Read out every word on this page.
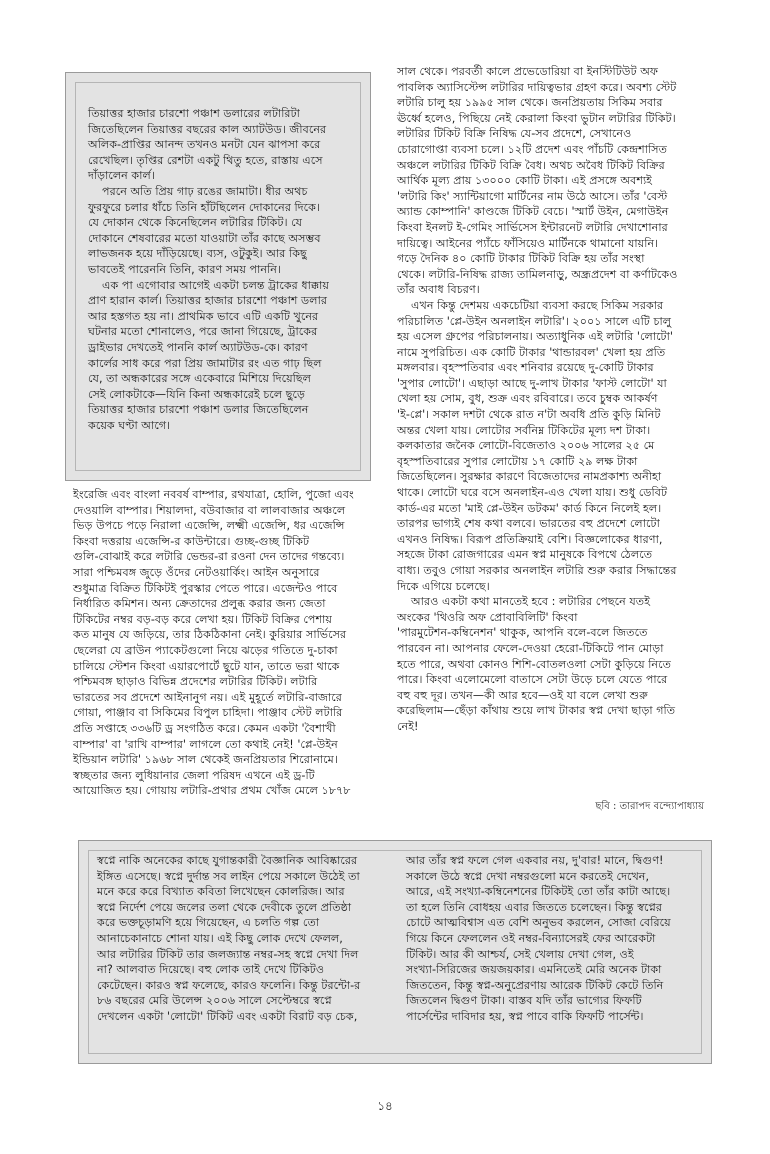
তিয়াত্তর হাজার চারশো পঞ্চাশ ডলারের লটারিটা
জিতেছিলেন তিয়াত্তর বছরের কাল অ্যাটউড। জীবনের
অলিক-প্রাপ্তির আনন্দ তখনও মনটা যেন ঝাপসা করে
রেখেছিল। তৃপ্তির রেশটা একটু থিতু হতে, রাস্তায় এসে
দাঁড়ালেন কার্ল।

পরনে অতি প্রিয় গাঢ় রঙের জামাটা। ধীর অথচ
ফুরফুরে চলার ধাঁচে তিনি হাঁটছিলেন দোকানের দিকে।
যে দোকান থেকে কিনেছিলেন লটারির টিকিট। যে
দোকানে শেষবারের মতো যাওয়াটা তাঁর কাছে অসম্ভব
লাভজনক হয়ে দাঁড়িয়েছে। ব্যস, ওটুকুই। আর কিছু
ভাবতেই পারেননি তিনি, কারণ সময় পাননি।

এক পা এগোবার আগেই একটা চলন্ত ট্রাকের ধাক্কায়
প্রাণ হারান কার্ল। তিয়াত্তর হাজার চারশো পঞ্চাশ ডলার
আর হস্তগত হয় না। প্রাথমিক ভাবে এটি একটি খুনের
ঘটনার মতো শোনালেও, পরে জানা গিয়েছে, ট্রাকের
ড্রাইভার দেখতেই পাননি কার্ল অ্যাটউড-কে। কারণ
কার্লের সাধ করে পরা প্রিয় জামাটার রং এত গাঢ় ছিল
যে, তা অন্ধকারের সঙ্গে একেবারে মিশিয়ে দিয়েছিল
সেই লোকটাকে—যিনি কিনা অন্ধকারেই চলে ছুড়ে
তিয়াত্তর হাজার চারশো পঞ্চাশ ডলার জিতেছিলেন
কয়েক ঘণ্টা আগে।

ইংরেজি এবং বাংলা নববর্ষ বাম্পার, রথযাত্রা, হোলি, পুজো এবং
দেওয়ালি বাম্পার। শিয়ালদা, বউবাজার বা লালবাজার অঞ্চলে
ভিড় উপচে পড়ে নিরালা এজেন্সি, লক্ষ্মী এজেন্সি, ধর এজেন্সি
কিংবা দত্তরায় এজেন্সি-র কাউন্টারে। গুচ্ছ-গুচ্ছ টিকিট
গুলি-বোঝাই করে লটারি ভেন্ডর-রা রওনা দেন তাদের গন্তব্যে।
সারা পশ্চিমবঙ্গ জুড়ে ওঁদের নেটওয়ার্কিং। আইন অনুসারে
শুধুমাত্র বিক্রিত টিকিটই পুরস্কার পেতে পারে। এজেন্টও পাবে
নির্ধারিত কমিশন। অন্য ক্রেতাদের প্রলুব্ধ করার জন্য জেতা
টিকিটের নম্বর বড়-বড় করে লেখা হয়। টিকিট বিক্রির পেশায়
কত মানুষ যে জড়িয়ে, তার ঠিকঠিকানা নেই। কুরিয়ার সার্ভিসের
ছেলেরা যে ব্রাউন প্যাকেটগুলো নিয়ে ঝড়ের গতিতে দু-চাকা
চালিয়ে স্টেশন কিংবা এয়ারপোর্টে ছুটে যান, তাতে ভরা থাকে
পশ্চিমবঙ্গ ছাড়াও বিভিন্ন প্রদেশের লটারির টিকিট। লটারি
ভারতের সব প্রদেশে আইনানুগ নয়। এই মুহূর্তে লটারি-বাজারে
গোয়া, পাঞ্জাব বা সিকিমের বিপুল চাহিদা। পাঞ্জাব স্টেট লটারি
প্রতি সপ্তাহে ৩৩৬টি ড্র সংগঠিত করে। কেমন একটা 'বৈশাখী
বাম্পার' বা 'রাখি বাম্পার' লাগলে তো কথাই নেই! 'প্লে-উইন
ইন্ডিয়ান লটারি' ১৯৬৮ সাল থেকেই জনপ্রিয়তার শিরোনামে।
স্বচ্ছতার জন্য লুধিয়ানার জেলা পরিষদ এখনে এই ড্র-টি
আয়োজিত হয়। গোয়ায় লটারি-প্রথার প্রথম খোঁজ মেলে ১৮৭৮

সাল থেকে। পরবর্তী কালে প্রভেডোরিয়া বা ইনস্টিটিউট অফ
পাবলিক অ্যাসিস্টেন্স লটারির দায়িত্বভার গ্রহণ করে। অবশ্য স্টেট
লটারি চালু হয় ১৯৯৫ সাল থেকে। জনপ্রিয়তায় সিকিম সবার
ঊর্ধ্বে হলেও, পিছিয়ে নেই কেরালা কিংবা ভুটান লটারির টিকিট।
লটারির টিকিট বিক্রি নিষিদ্ধ যে-সব প্রদেশে, সেখানেও
চোরাগোপ্তা ব্যবসা চলে। ১২টি প্রদেশ এবং পাঁচটি কেন্দ্রশাসিত
অঞ্চলে লটারির টিকিট বিক্রি বৈধ। অথচ অবৈধ টিকিট বিক্রির
আর্থিক মূল্য প্রায় ১৩০০০ কোটি টাকা। এই প্রসঙ্গে অবশ্যই
'লটারি কিং' স্যান্টিয়াগো মার্টিনের নাম উঠে আসে। তাঁর 'বেস্ট
অ্যান্ড কোম্পানি' কাণ্ডজে টিকিট বেচে। 'স্মার্ট উইন, মেগাউইন
কিংবা ইনলট ই-গেমিং সার্ভিসেস ইন্টারনেট লটারি দেখাশোনার
দায়িত্বে। আইনের প্যাঁচে ফাঁসিয়েও মার্টিনকে থামানো যায়নি।
গড়ে দৈনিক ৪০ কোটি টাকার টিকিট বিক্রি হয় তাঁর সংস্থা
থেকে। লটারি-নিষিদ্ধ রাজ্য তামিলনাড়ু, অন্ধ্রপ্রদেশ বা কর্ণাটকেও
তাঁর অবাধ বিচরণ।

এখন কিন্তু দেশময় একচেটিয়া ব্যবসা করছে সিকিম সরকার
পরিচালিত 'প্লে-উইন অনলাইন লটারি'। ২০০১ সালে এটি চালু
হয় এসেল গ্রুপের পরিচালনায়। অত্যাধুনিক এই লটারি 'লোটো'
নামে সুপরিচিত। এক কোটি টাকার 'থান্ডারবল' খেলা হয় প্রতি
মঙ্গলবার। বৃহস্পতিবার এবং শনিবার রয়েছে দু-কোটি টাকার
'সুপার লোটো'। এছাড়া আছে দু-লাখ টাকার 'ফাস্ট লোটো' যা
খেলা হয় সোম, বুধ, শুক্র এবং রবিবারে। তবে চুম্বক আকর্ষণ
'ই-প্লে'। সকাল দশটা থেকে রাত ন'টা অবধি প্রতি কুড়ি মিনিট
অন্তর খেলা যায়। লোটোর সর্বনিম্ন টিকিটের মূল্য দশ টাকা।
কলকাতার জনৈক লোটো-বিজেতাও ২০০৬ সালের ২৫ মে
বৃহস্পতিবারের সুপার লোটোয় ১৭ কোটি ২৯ লক্ষ টাকা
জিতেছিলেন। সুরক্ষার কারণে বিজেতাদের নামপ্রকাশ্য অনীহা
থাকে। লোটো ঘরে বসে অনলাইন-এও খেলা যায়। শুধু ডেবিট
কার্ড-এর মতো 'মাই প্লে-উইন ডটকম' কার্ড কিনে নিলেই হল।
তারপর ভাগ্যই শেষ কথা বলবে। ভারতের বহু প্রদেশে লোটো
এখনও নিষিদ্ধ। বিরূপ প্রতিক্রিয়াই বেশি। বিজ্ঞলোকের ধারণা,
সহজে টাকা রোজগারের এমন স্বপ্ন মানুষকে বিপথে ঠেলতে
বাধ্য। তবুও গোয়া সরকার অনলাইন লটারি শুরু করার সিদ্ধান্তের
দিকে এগিয়ে চলেছে।

আরও একটা কথা মানতেই হবে : লটারির পেছনে যতই
অংকের 'থিওরি অফ প্রোবাবিলিটি' কিংবা
'পারমুটেশন-কম্বিনেশন' থাকুক, আপনি বলে-বলে জিততে
পারবেন না। আপনার ফেলে-দেওয়া হেরো-টিকিটে পান মোড়া
হতে পারে, অথবা কোনও শিশি-বোতলওলা সেটা কুড়িয়ে নিতে
পারে। কিংবা এলোমেলো বাতাসে সেটা উড়ে চলে যেতে পারে
বহু বহু দূর। তখন—কী আর হবে—ওই যা বলে লেখা শুরু
করেছিলাম—ছেঁড়া কাঁথায় শুয়ে লাখ টাকার স্বপ্ন দেখা ছাড়া গতি
নেই!

ছবি : তারাপদ বন্দ্যোপাধ্যায়

স্বপ্নে নাকি অনেকের কাছে যুগান্তকারী বৈজ্ঞানিক আবিষ্কারের
ইঙ্গিত এসেছে। স্বপ্নে দুর্দান্ত সব লাইন পেয়ে সকালে উঠেই তা
মনে করে করে বিখ্যাত কবিতা লিখেছেন কোলরিজ। আর
স্বপ্নে নির্দেশ পেয়ে জলের তলা থেকে দেবীকে তুলে প্রতিষ্ঠা
করে ভক্তচূড়ামণি হয়ে গিয়েছেন, এ চলতি গল্প তো
আনাচেকানাচে শোনা যায়। এই কিছু লোক দেখে ফেলল,
আর লটারির টিকিট তার জলজ্যান্ত নম্বর-সহ স্বপ্নে দেখা দিল
না? আলবাত দিয়েছে। বহু লোক তাই দেখে টিকিটও
কেটেছেন। কারও স্বপ্ন ফলেছে, কারও ফলেনি। কিন্তু টরন্টো-র
৮৬ বছরের মেরি উলেন্স ২০০৬ সালে সেপ্টেম্বরে স্বপ্নে
দেখলেন একটা 'লোটো' টিকিট এবং একটা বিরাট বড় চেক,

আর তাঁর স্বপ্ন ফলে গেল একবার নয়, দু'বার! মানে, দ্বিগুণ!
সকালে উঠে স্বপ্নে দেখা নম্বরগুলো মনে করতেই দেখেন,
আরে, এই সংখ্যা-কম্বিনেশনের টিকিটই তো তাঁর কাটা আছে।
তা হলে তিনি বোধহয় এবার জিততে চলেছেন। কিন্তু স্বপ্নের
চোটে আত্মবিশ্বাস এত বেশি অনুভব করলেন, সোজা বেরিয়ে
গিয়ে কিনে ফেললেন ওই নম্বর-বিন্যাসেরই ফের আরেকটা
টিকিট। আর কী আশ্চর্য, সেই খেলায় দেখা গেল, ওই
সংখ্যা-সিরিজের জয়জয়কার। এমনিতেই মেরি অনেক টাকা
জিততেন, কিন্তু স্বপ্ন-অনুপ্রেরণায় আরেক টিকিট কেটে তিনি
জিতলেন দ্বিগুণ টাকা। বাস্তব যদি তাঁর ভাগ্যের ফিফটি
পার্সেন্টের দাবিদার হয়, স্বপ্ন পাবে বাকি ফিফটি পার্সেন্ট।

১৪
